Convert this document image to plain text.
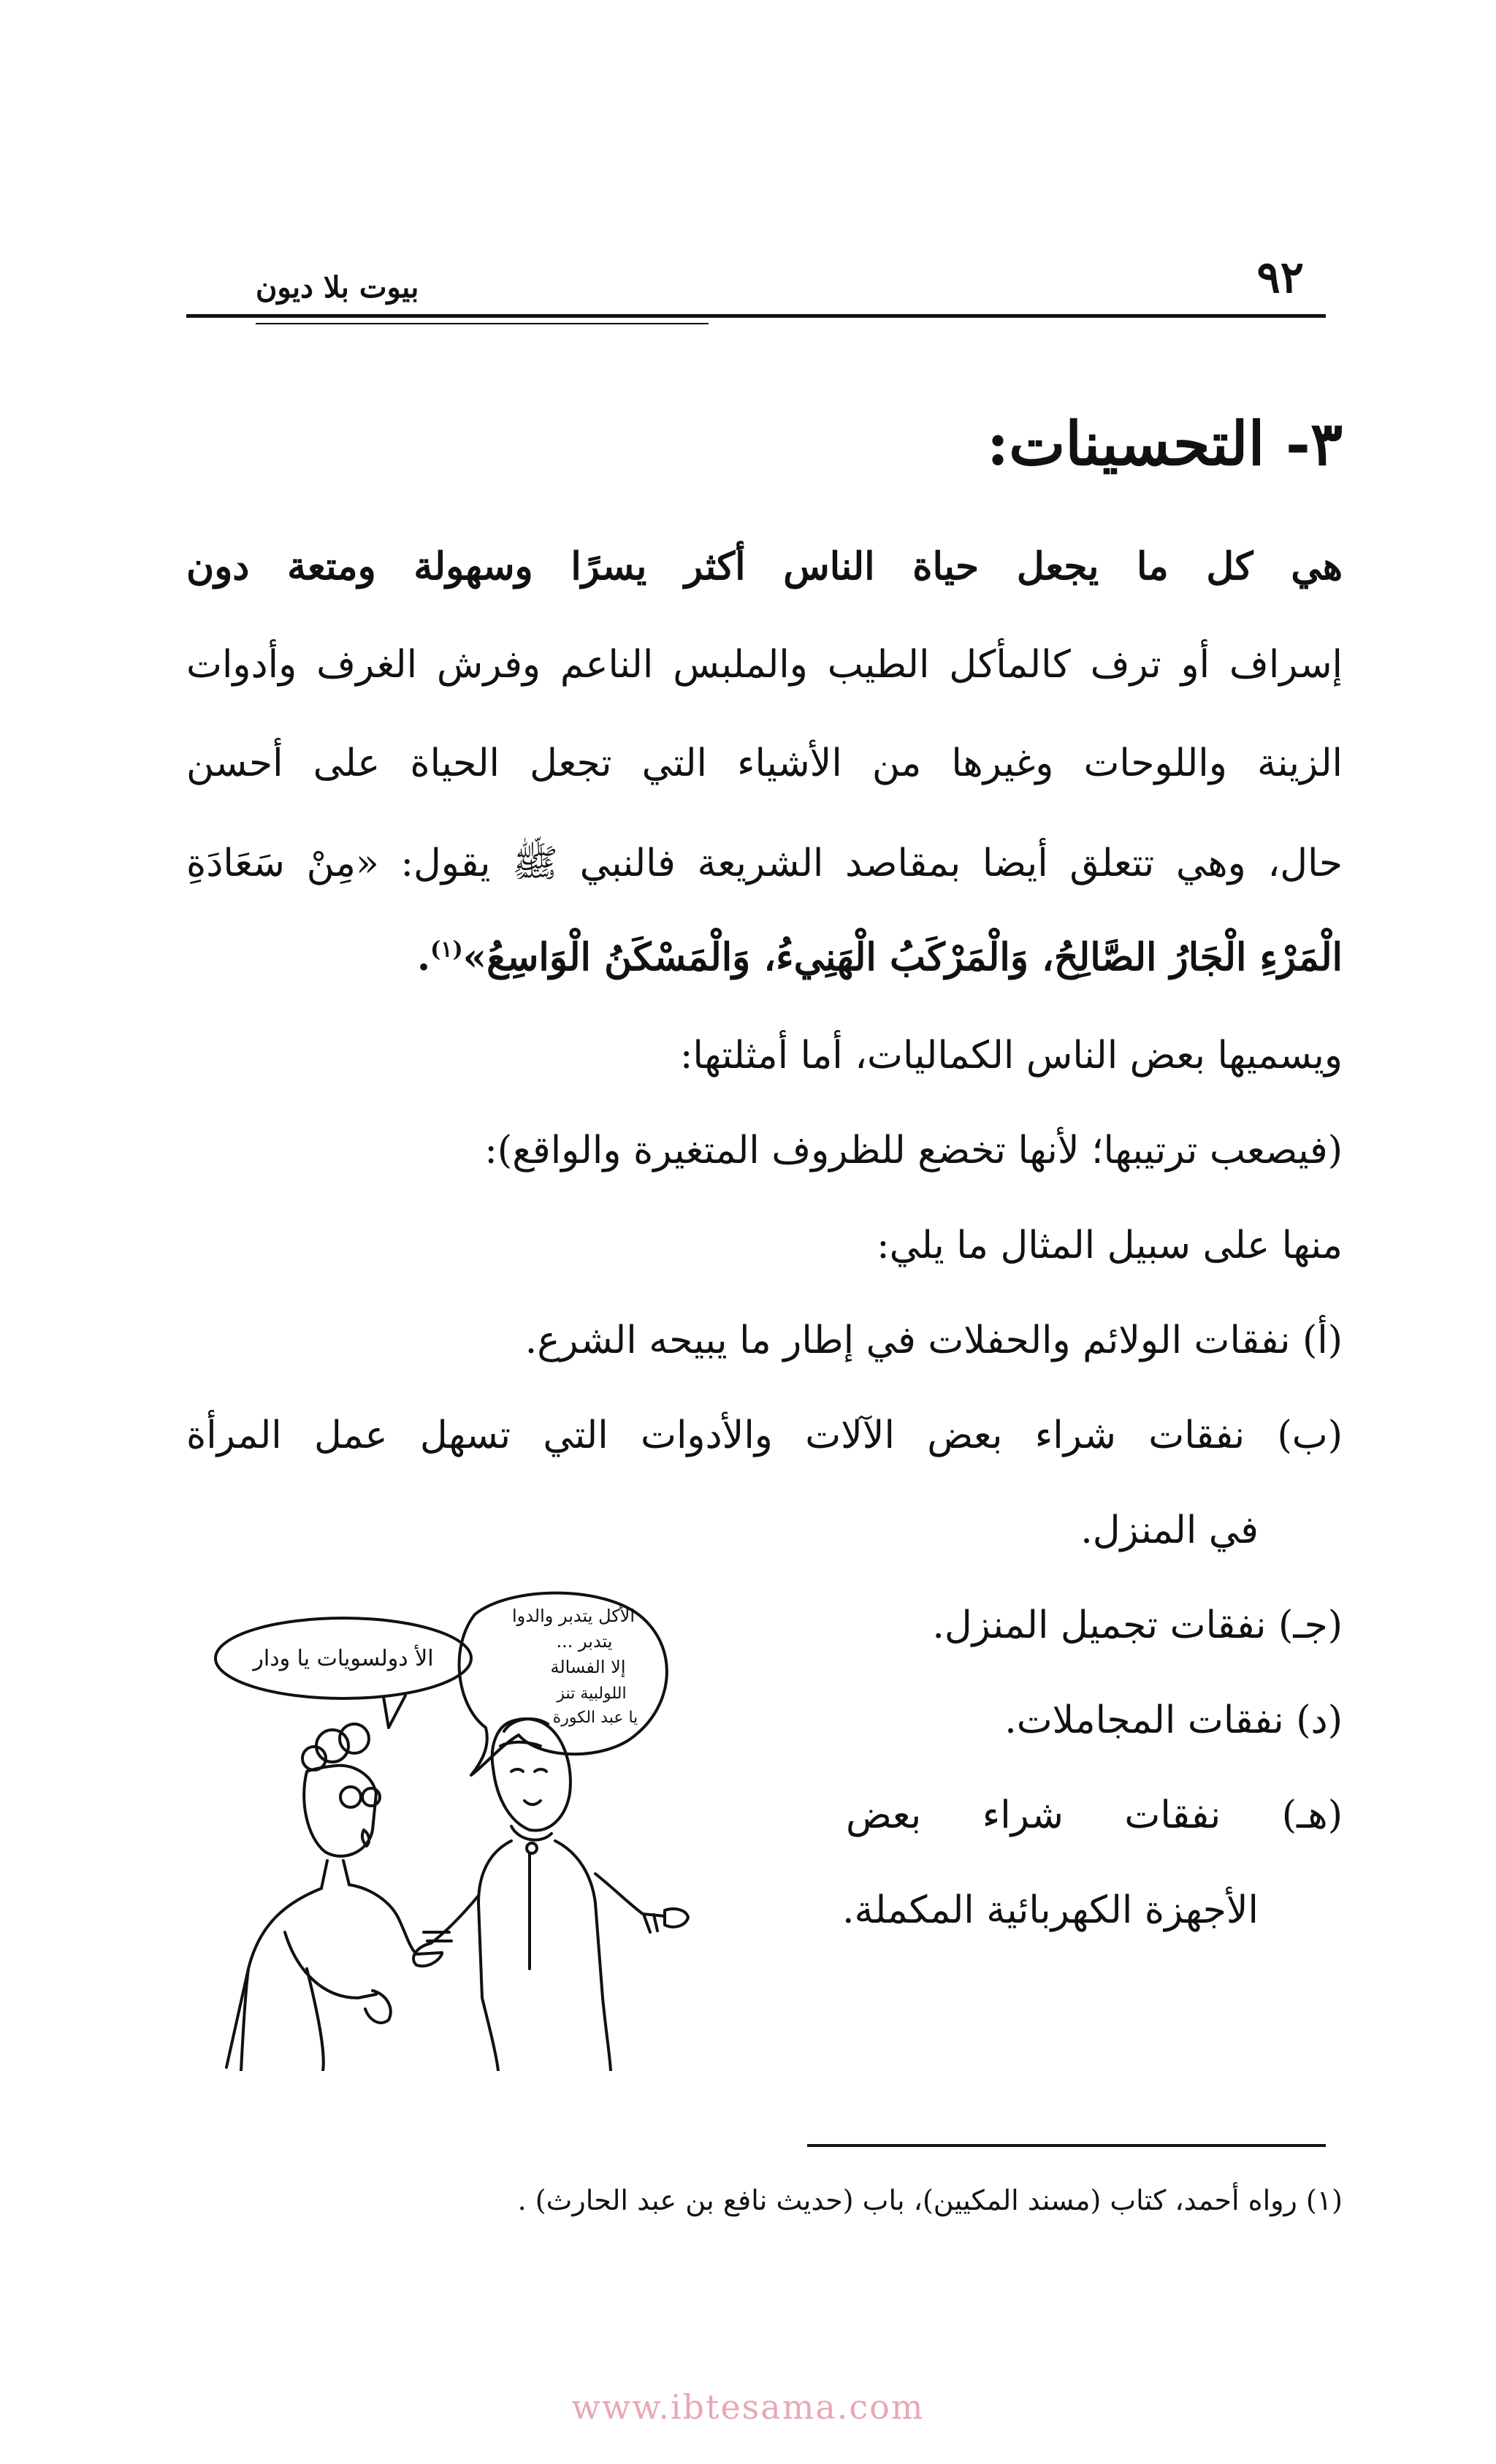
٩٢
بيوت بلا ديون
٣- التحسينات:
هي كل ما يجعل حياة الناس أكثر يسرًا وسهولة ومتعة دون
إسراف أو ترف كالمأكل الطيب والملبس الناعم وفرش الغرف وأدوات
الزينة واللوحات وغيرها من الأشياء التي تجعل الحياة على أحسن
حال، وهي تتعلق أيضا بمقاصد الشريعة فالنبي ﷺ يقول: «مِنْ سَعَادَةِ
الْمَرْءِ الْجَارُ الصَّالِحُ، وَالْمَرْكَبُ الْهَنِيءُ، وَالْمَسْكَنُ الْوَاسِعُ»$^{(١)}$.
ويسميها بعض الناس الكماليات، أما أمثلتها:
(فيصعب ترتيبها؛ لأنها تخضع للظروف المتغيرة والواقع):
منها على سبيل المثال ما يلي:
(أ) نفقات الولائم والحفلات في إطار ما يبيحه الشرع.
(ب) نفقات شراء بعض الآلات والأدوات التي تسهل عمل المرأة
في المنزل.
(جـ) نفقات تجميل المنزل.
(د) نفقات المجاملات.
(هـ) نفقات شراء بعض
الأجهزة الكهربائية المكملة.
الأ دولسويات يا ودار
الأكل يتدبر والدوا
يتدبر ...
إلا الفسالة
اللولبية تنز
يا عبد الكورة
(١) رواه أحمد، كتاب (مسند المكيين)، باب (حديث نافع بن عبد الحارث) .
www.ibtesama.com
